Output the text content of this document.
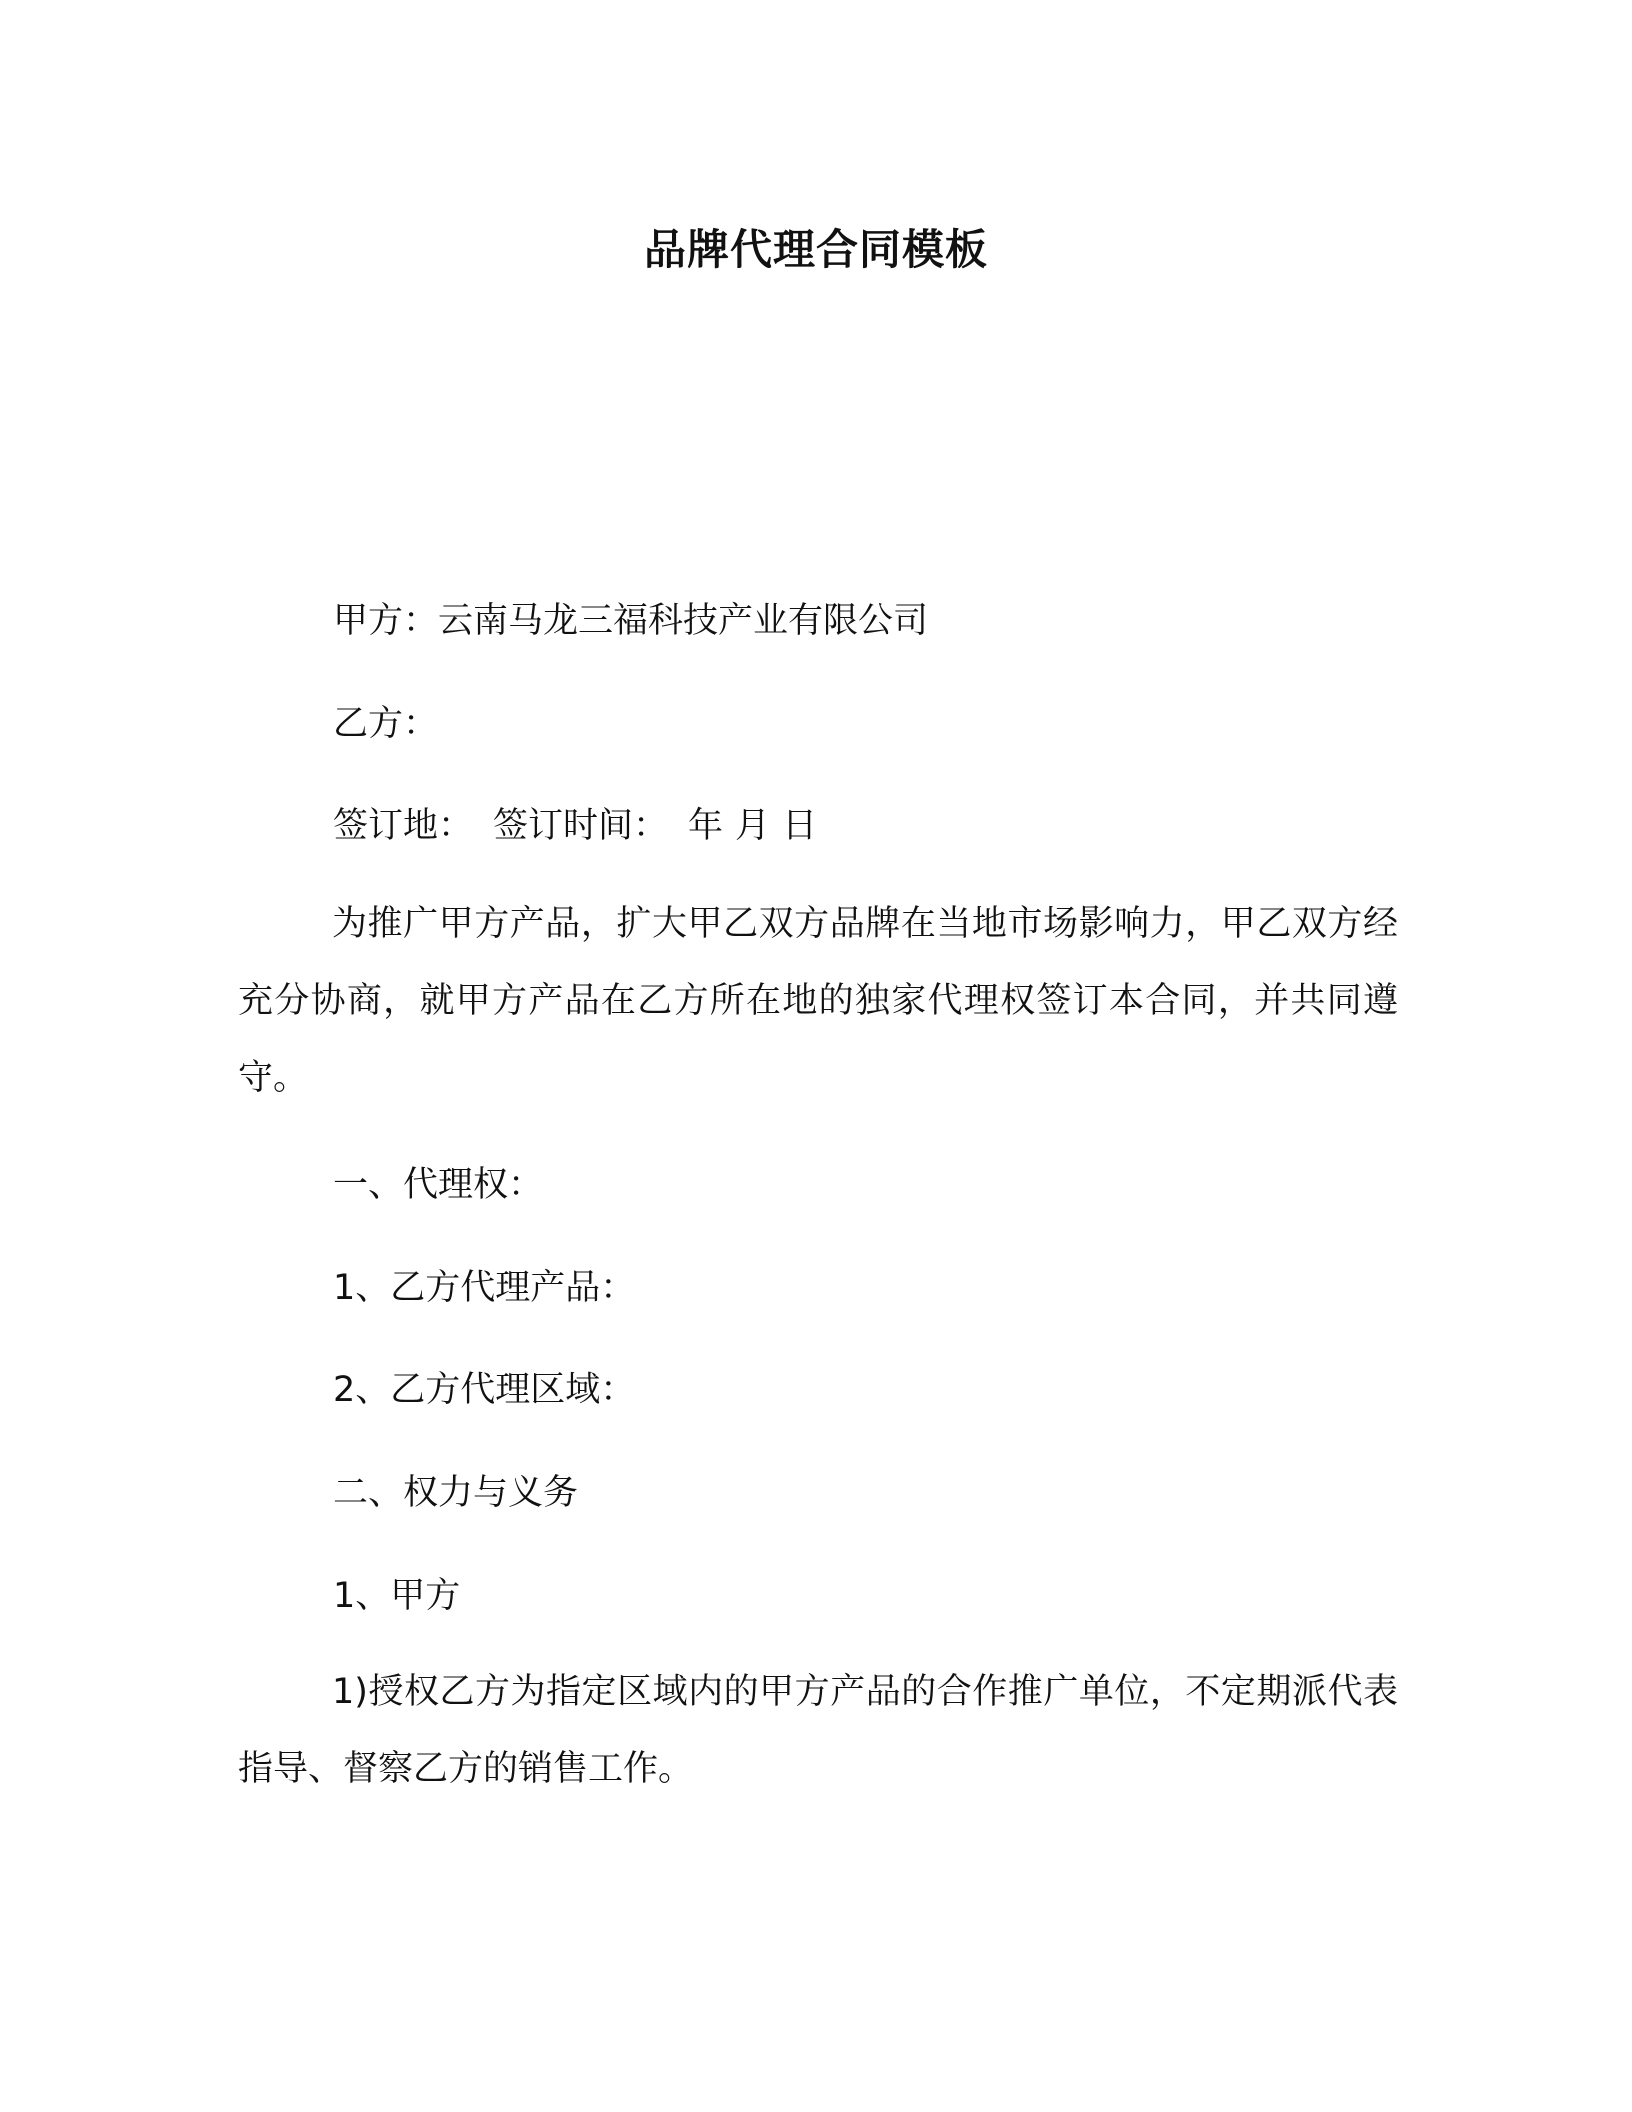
品牌代理合同模板
甲方：云南马龙三福科技产业有限公司
乙方：
签订地： 签订时间： 年 月 日
为推广甲方产品，扩大甲乙双方品牌在当地市场影响力，甲乙双方经充分协商，就甲方产品在乙方所在地的独家代理权签订本合同，并共同遵守。
一、代理权：
1、乙方代理产品：
2、乙方代理区域：
二、权力与义务
1、甲方
1)授权乙方为指定区域内的甲方产品的合作推广单位，不定期派代表指导、督察乙方的销售工作。
